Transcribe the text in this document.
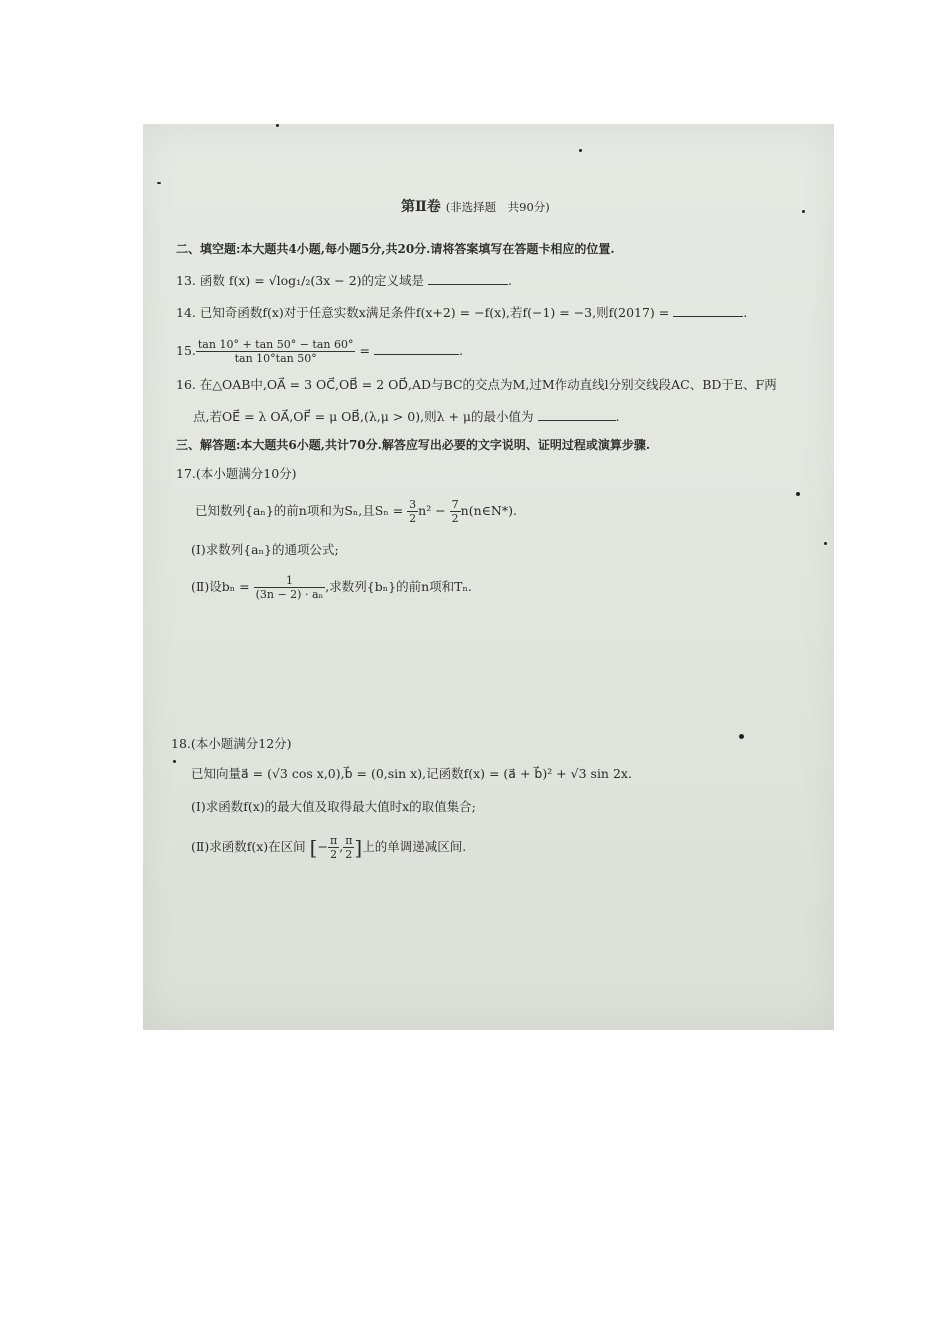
第Ⅱ卷 (非选择题　共90分)
二、填空题:本大题共4小题,每小题5分,共20分.请将答案填写在答题卡相应的位置.
13. 函数 f(x) = √log₁/₂(3x − 2)的定义域是	.
14. 已知奇函数f(x)对于任意实数x满足条件f(x+2) = −f(x),若f(−1) = −3,则f(2017) =	.
15. $\frac{\tan 10^\circ + \tan 50^\circ - \tan 60^\circ}{\tan 10^\circ\tan 50^\circ}$ =	.
16. 在△OAB中,OA⃗ = 3 OC⃗,OB⃗ = 2 OD⃗,AD与BC的交点为M,过M作动直线l分别交线段AC、BD于E、F两
点,若OE⃗ = λ OA⃗,OF⃗ = μ OB⃗,(λ,μ > 0),则λ + μ的最小值为	.
三、解答题:本大题共6小题,共计70分.解答应写出必要的文字说明、证明过程或演算步骤.
17.(本小题满分10分)
已知数列{aₙ}的前n项和为Sₙ,且$S_n = \frac{3}{2} n^2 - \frac{7}{2}$ n(n∈N*).
(Ⅰ)求数列{aₙ}的通项公式;
(Ⅱ)设$b_n = \frac{1}{\text{(3n − 2) · aₙ}}$ ,求数列{bₙ}的前n项和Tₙ.
18.(本小题满分12分)
已知向量a⃗ = (√3 cos x,0),b⃗ = (0,sin x),记函数f(x) = (a⃗ + b⃗)² + √3 sin 2x.
(Ⅰ)求函数f(x)的最大值及取得最大值时x的取值集合;
(Ⅱ)求函数f(x)在区间 [− $\frac{\pi}{2}$ , $\frac{\pi}{2}$ ]上的单调递减区间.
